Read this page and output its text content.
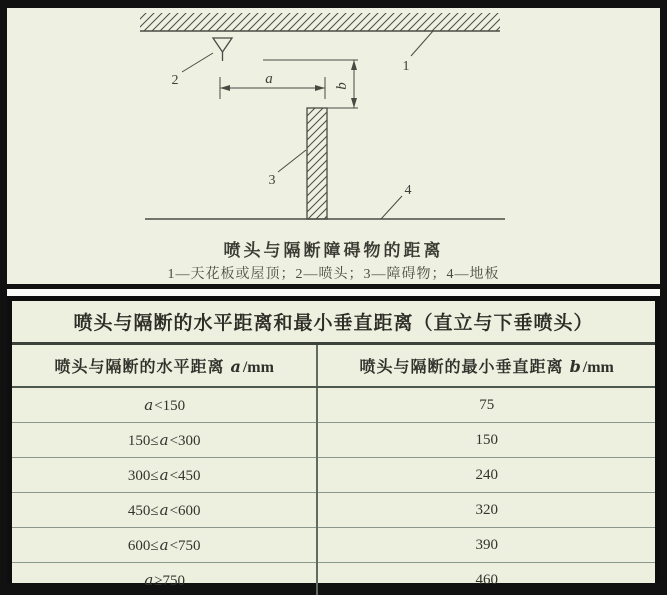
a	b
1
2
3
4
喷头与隔断障碍物的距离
1—天花板或屋顶；2—喷头；3—障碍物；4—地板
喷头与隔断的水平距离和最小垂直距离（直立与下垂喷头）
喷头与隔断的水平距离 a/mm	喷头与隔断的最小垂直距离 b/mm
a<150	75
150≤a<300	150
300≤a<450	240
450≤a<600	320
600≤a<750	390
a≥750	460
